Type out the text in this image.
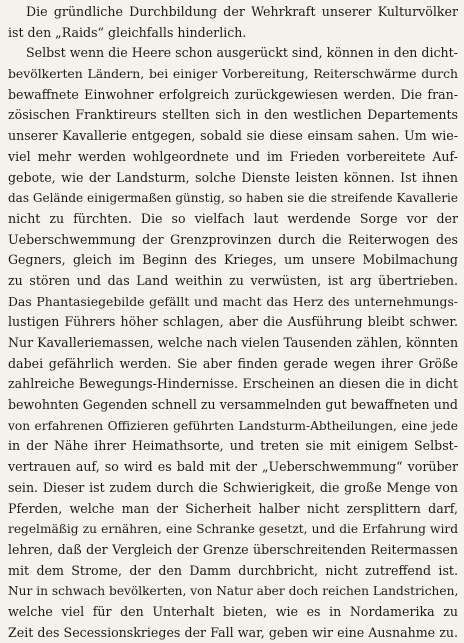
Die gründliche Durchbildung der Wehrkraft unserer Kulturvölker
ist den „Raids“ gleichfalls hinderlich.
Selbst wenn die Heere schon ausgerückt sind, können in den dicht-
bevölkerten Ländern, bei einiger Vorbereitung, Reiterschwärme durch
bewaffnete Einwohner erfolgreich zurückgewiesen werden. Die fran-
zösischen Franktireurs stellten sich in den westlichen Departements
unserer Kavallerie entgegen, sobald sie diese einsam sahen. Um wie-
viel mehr werden wohlgeordnete und im Frieden vorbereitete Auf-
gebote, wie der Landsturm, solche Dienste leisten können. Ist ihnen
das Gelände einigermaßen günstig, so haben sie die streifende Kavallerie
nicht zu fürchten. Die so vielfach laut werdende Sorge vor der
Ueberschwemmung der Grenzprovinzen durch die Reiterwogen des
Gegners, gleich im Beginn des Krieges, um unsere Mobilmachung
zu stören und das Land weithin zu verwüsten, ist arg übertrieben.
Das Phantasiegebilde gefällt und macht das Herz des unternehmungs-
lustigen Führers höher schlagen, aber die Ausführung bleibt schwer.
Nur Kavalleriemassen, welche nach vielen Tausenden zählen, könnten
dabei gefährlich werden. Sie aber finden gerade wegen ihrer Größe
zahlreiche Bewegungs-Hindernisse. Erscheinen an diesen die in dicht
bewohnten Gegenden schnell zu versammelnden gut bewaffneten und
von erfahrenen Offizieren geführten Landsturm-Abtheilungen, eine jede
in der Nähe ihrer Heimathsorte, und treten sie mit einigem Selbst-
vertrauen auf, so wird es bald mit der „Ueberschwemmung“ vorüber
sein. Dieser ist zudem durch die Schwierigkeit, die große Menge von
Pferden, welche man der Sicherheit halber nicht zersplittern darf,
regelmäßig zu ernähren, eine Schranke gesetzt, und die Erfahrung wird
lehren, daß der Vergleich der Grenze überschreitenden Reitermassen
mit dem Strome, der den Damm durchbricht, nicht zutreffend ist.
Nur in schwach bevölkerten, von Natur aber doch reichen Landstrichen,
welche viel für den Unterhalt bieten, wie es in Nordamerika zu
Zeit des Secessionskrieges der Fall war, geben wir eine Ausnahme zu.
